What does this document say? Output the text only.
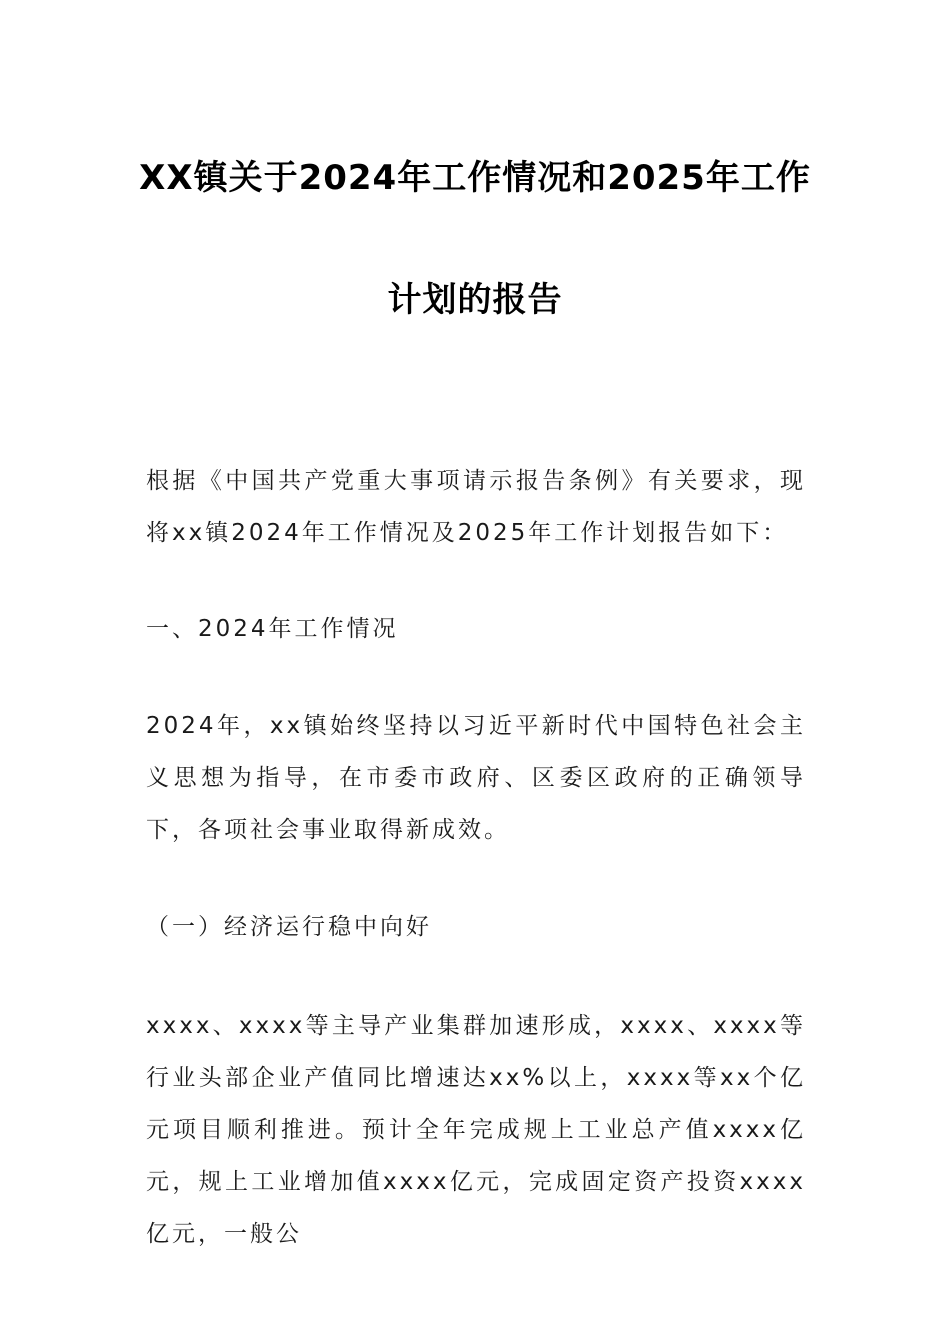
XX镇关于2024年工作情况和2025年工作
计划的报告
根据《中国共产党重大事项请示报告条例》有关要求，现将xx镇2024年工作情况及2025年工作计划报告如下：
一、2024年工作情况
2024年，xx镇始终坚持以习近平新时代中国特色社会主义思想为指导，在市委市政府、区委区政府的正确领导下，各项社会事业取得新成效。
（一）经济运行稳中向好
xxxx、xxxx等主导产业集群加速形成，xxxx、xxxx等行业头部企业产值同比增速达xx%以上，xxxx等xx个亿元项目顺利推进。预计全年完成规上工业总产值xxxx亿元，规上工业增加值xxxx亿元，完成固定资产投资xxxx亿元，一般公
